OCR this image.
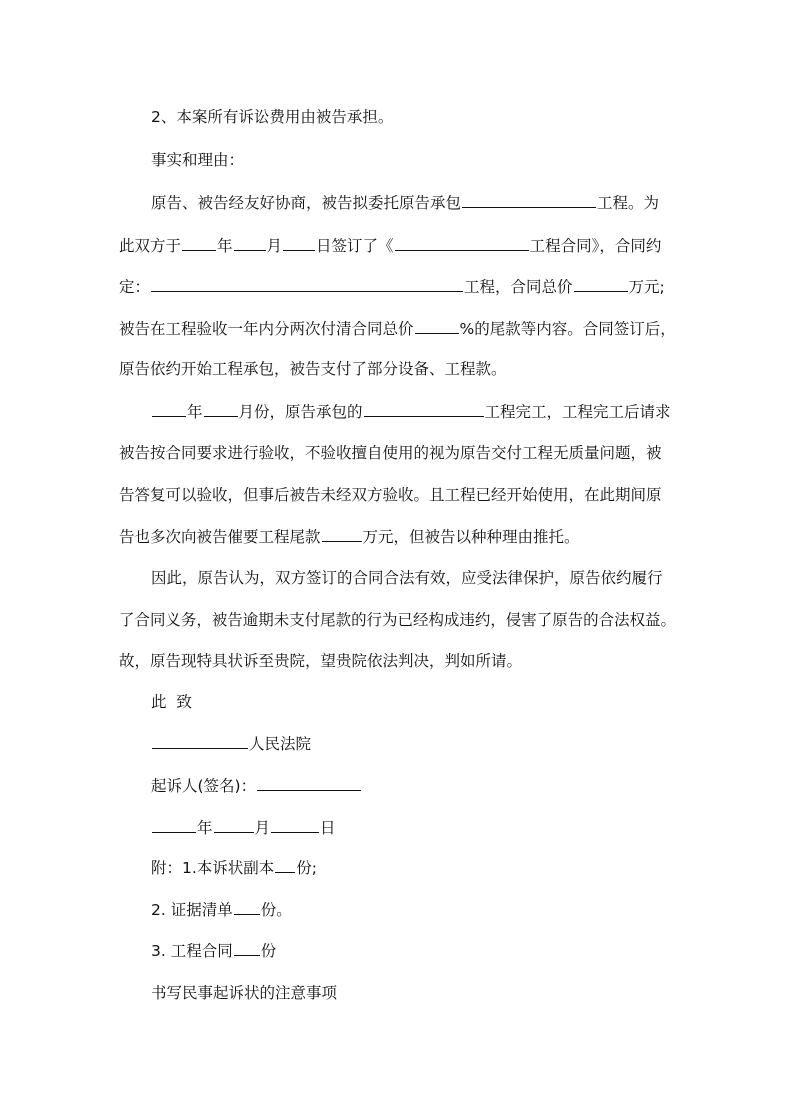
2、本案所有诉讼费用由被告承担。
事实和理由：
原告、被告经友好协商，被告拟委托原告承包	工程。为
此双方于 年 月 日签订了《	工程合同》，合同约
定：	工程，合同总价	万元;
被告在工程验收一年内分两次付清合同总价	%的尾款等内容。合同签订后，
原告依约开始工程承包，被告支付了部分设备、工程款。
年 月份，原告承包的	工程完工，工程完工后请求
被告按合同要求进行验收，不验收擅自使用的视为原告交付工程无质量问题，被
告答复可以验收，但事后被告未经双方验收。且工程已经开始使用，在此期间原
告也多次向被告催要工程尾款	万元，但被告以种种理由推托。
因此，原告认为，双方签订的合同合法有效，应受法律保护，原告依约履行
了合同义务，被告逾期未支付尾款的行为已经构成违约，侵害了原告的合法权益。
故，原告现特具状诉至贵院，望贵院依法判决，判如所请。
此  致
人民法院
起诉人(签名)：
年	月	日
附：1.本诉状副本 份;
2. 证据清单 份。
3. 工程合同 份
书写民事起诉状的注意事项
